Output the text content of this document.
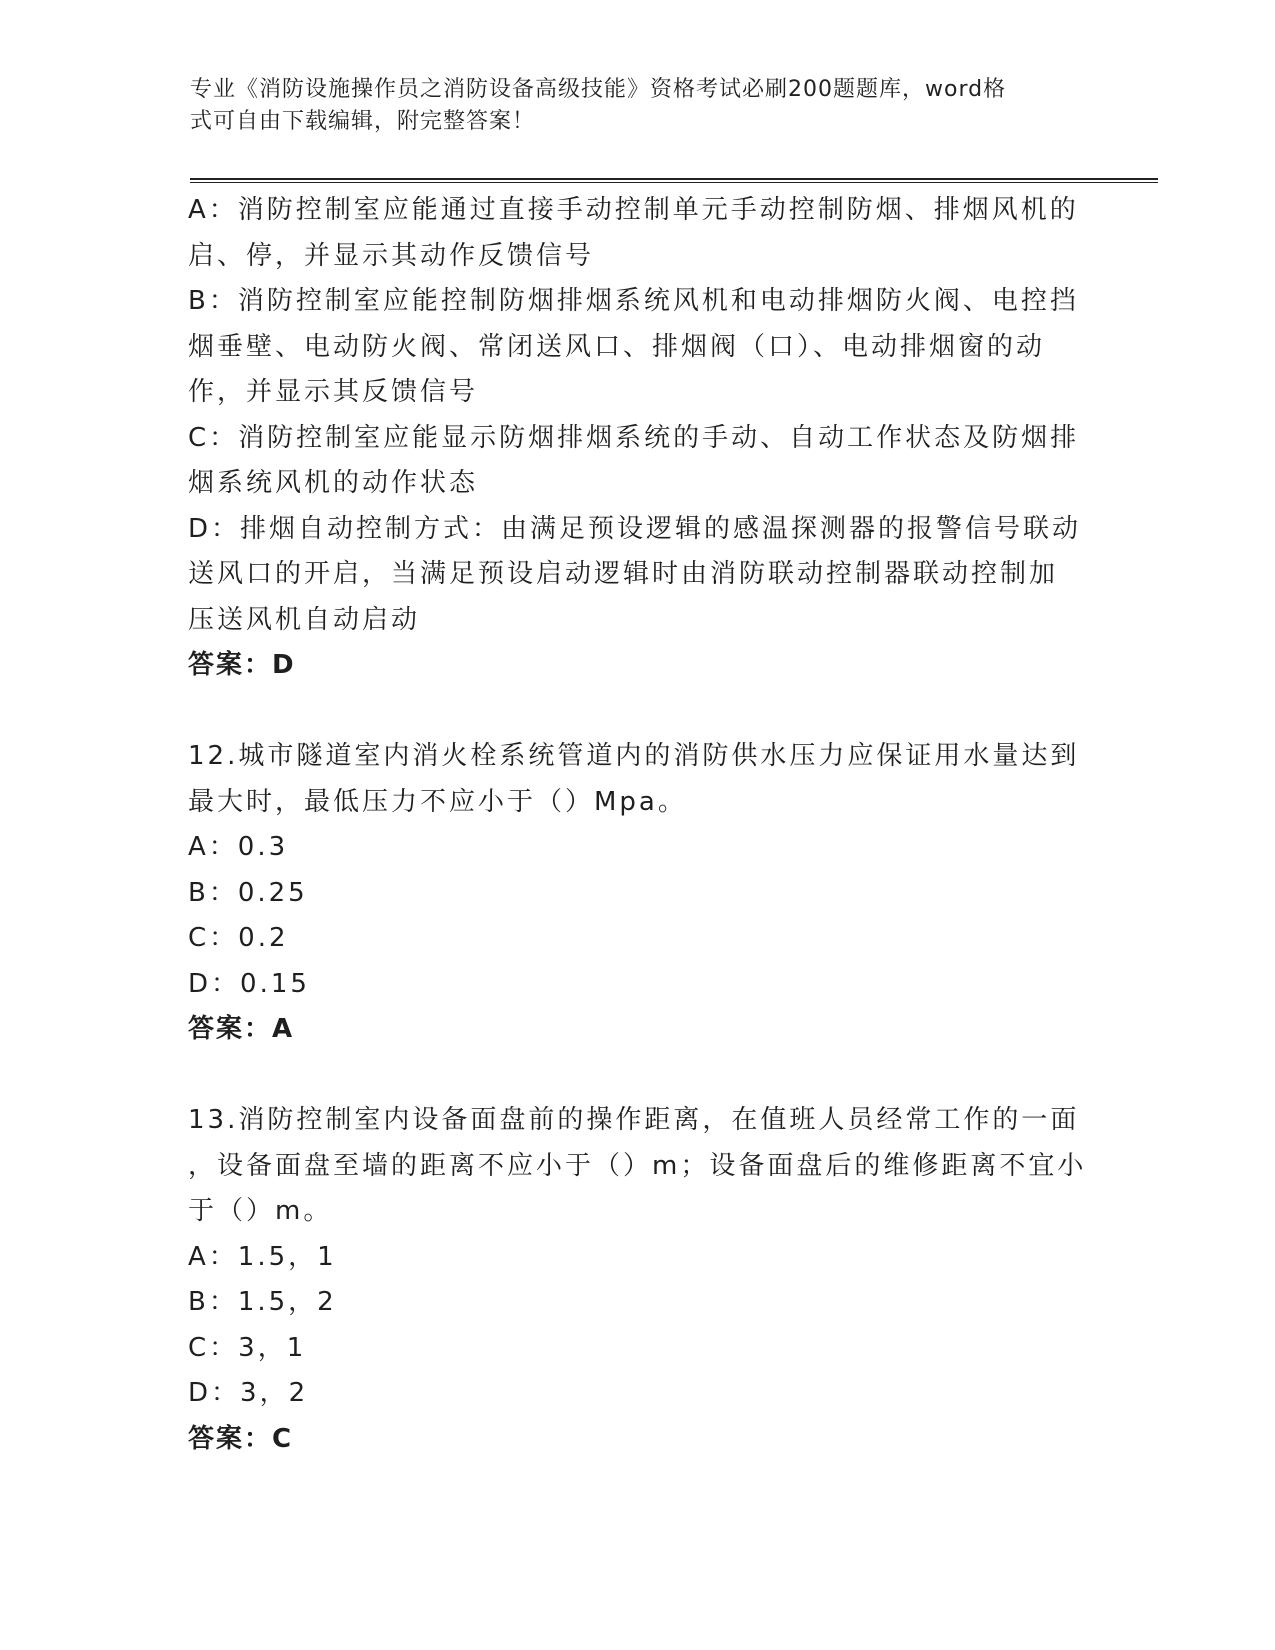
专业《消防设施操作员之消防设备高级技能》资格考试必刷200题题库，word格

式可自由下载编辑，附完整答案！

A：消防控制室应能通过直接手动控制单元手动控制防烟、排烟风机的

启、停，并显示其动作反馈信号

B：消防控制室应能控制防烟排烟系统风机和电动排烟防火阀、电控挡

烟垂壁、电动防火阀、常闭送风口、排烟阀（口）、电动排烟窗的动

作，并显示其反馈信号

C：消防控制室应能显示防烟排烟系统的手动、自动工作状态及防烟排

烟系统风机的动作状态

D：排烟自动控制方式：由满足预设逻辑的感温探测器的报警信号联动

送风口的开启，当满足预设启动逻辑时由消防联动控制器联动控制加

压送风机自动启动

答案：D

12.城市隧道室内消火栓系统管道内的消防供水压力应保证用水量达到

最大时，最低压力不应小于（）Mpa。

A：0.3

B：0.25

C：0.2

D：0.15

答案：A

13.消防控制室内设备面盘前的操作距离，在值班人员经常工作的一面

，设备面盘至墙的距离不应小于（）m；设备面盘后的维修距离不宜小

于（）m。

A：1.5，1

B：1.5，2

C：3，1

D：3，2

答案：C
